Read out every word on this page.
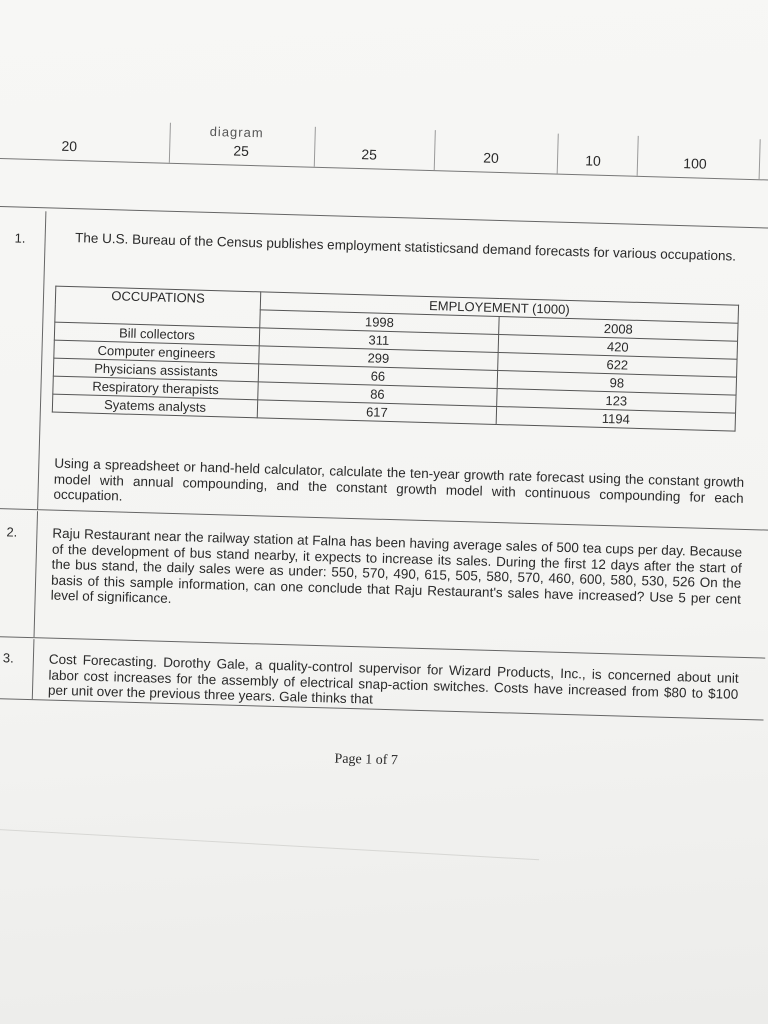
diagram
20	25	25	20	10	100
1.	The U.S. Bureau of the Census publishes employment statisticsand demand forecasts for various occupations.
OCCUPATIONS	EMPLOYEMENT (1000)	
	1998	2008
Bill collectors	311	420
Computer engineers	299	622
Physicians assistants	66	98
Respiratory therapists	86	123
Syatems analysts	617	1194
Using a spreadsheet or hand-held calculator, calculate the ten-year growth rate forecast using the constant growth model with annual compounding, and the constant growth model with continuous compounding for each occupation.
2.	Raju Restaurant near the railway station at Falna has been having average sales of 500 tea cups per day. Because of the development of bus stand nearby, it expects to increase its sales. During the first 12 days after the start of the bus stand, the daily sales were as under: 550, 570, 490, 615, 505, 580, 570, 460, 600, 580, 530, 526 On the basis of this sample information, can one conclude that Raju Restaurant's sales have increased? Use 5 per cent level of significance.
3.	Cost Forecasting. Dorothy Gale, a quality-control supervisor for Wizard Products, Inc., is concerned about unit labor cost increases for the assembly of electrical snap-action switches. Costs have increased from $80 to $100 per unit over the previous three years. Gale thinks that
Page 1 of 7
